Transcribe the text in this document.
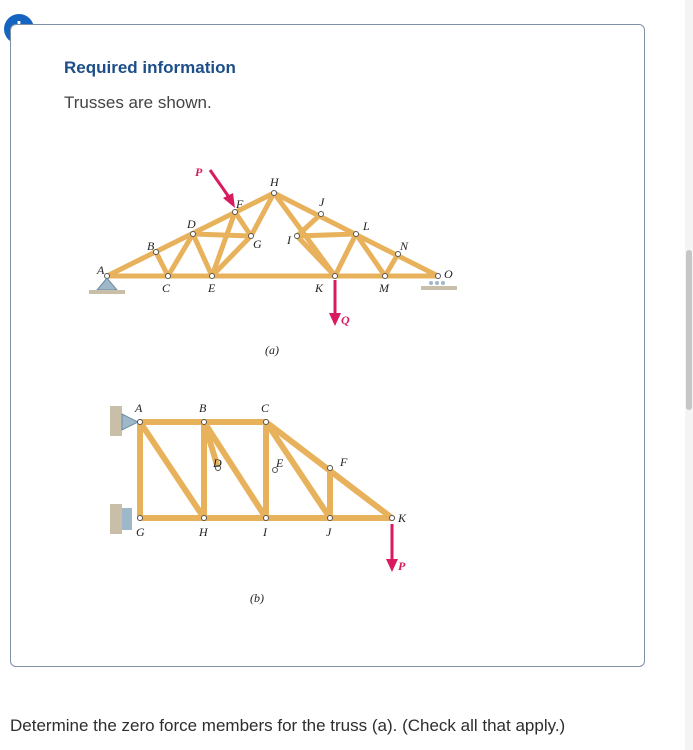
Required information
Trusses are shown.
A
B
C
D
E
F
G
H
I
J
K
L
M
N
O
P
Q
(a)
A	B	C
D	E	F
G	H	I	J
K
P
(b)
Determine the zero force members for the truss (a). (Check all that apply.)
